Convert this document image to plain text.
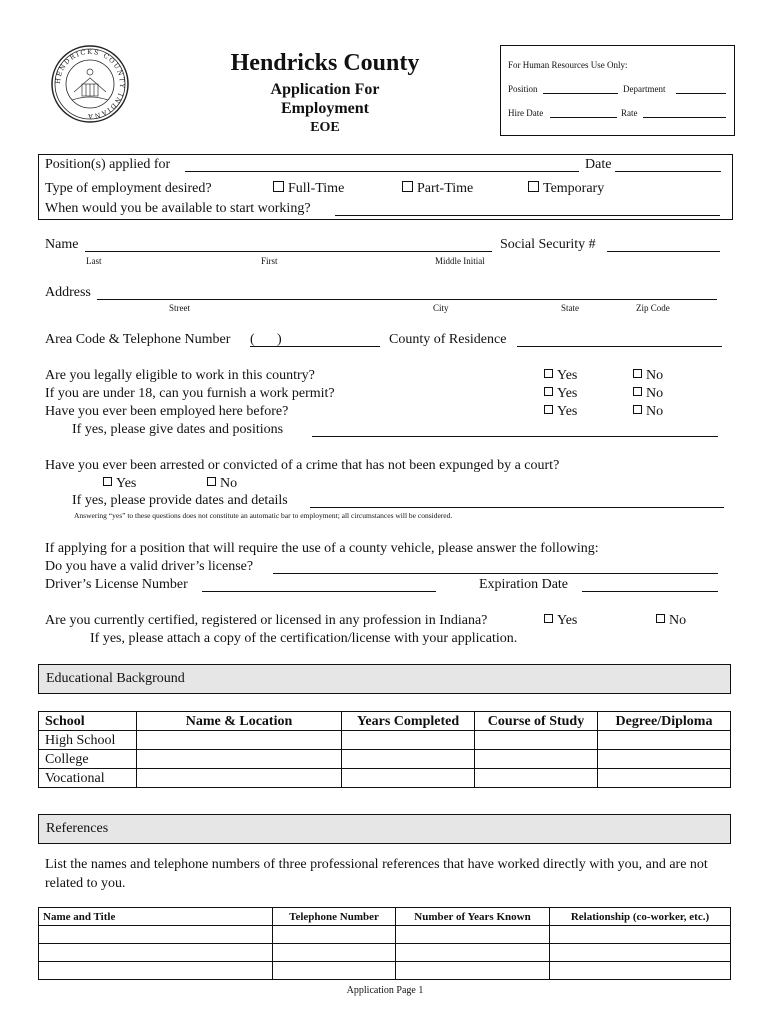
HENDRICKS COUNTY INDIANA
Hendricks County
Application For
Employment
EOE
For Human Resources Use Only:
Position	Department
Hire Date	Rate
Position(s) applied for	Date
Type of employment desired?	Full-Time	Part-Time	Temporary
When would you be available to start working?
Name	Social Security #
Last	First	Middle Initial
Address
Street	City	State	Zip Code
Area Code & Telephone Number ( )	County of Residence
Are you legally eligible to work in this country?	Yes	No
If you are under 18, can you furnish a work permit?	Yes	No
Have you ever been employed here before?	Yes	No
If yes, please give dates and positions
Have you ever been arrested or convicted of a crime that has not been expunged by a court?
Yes	No
If yes, please provide dates and details
Answering “yes” to these questions does not constitute an automatic bar to employment; all circumstances will be considered.
If applying for a position that will require the use of a county vehicle, please answer the following:
Do you have a valid driver’s license?
Driver’s License Number	Expiration Date
Are you currently certified, registered or licensed in any profession in Indiana?	Yes	No
If yes, please attach a copy of the certification/license with your application.
Educational Background
School	Name & Location	Years Completed	Course of Study	Degree/Diploma
High School				
College				
Vocational				
References
List the names and telephone numbers of three professional references that have worked directly with you, and are not related to you.
Name and Title	Telephone Number	Number of Years Known	Relationship (co-worker, etc.)

Application Page 1
